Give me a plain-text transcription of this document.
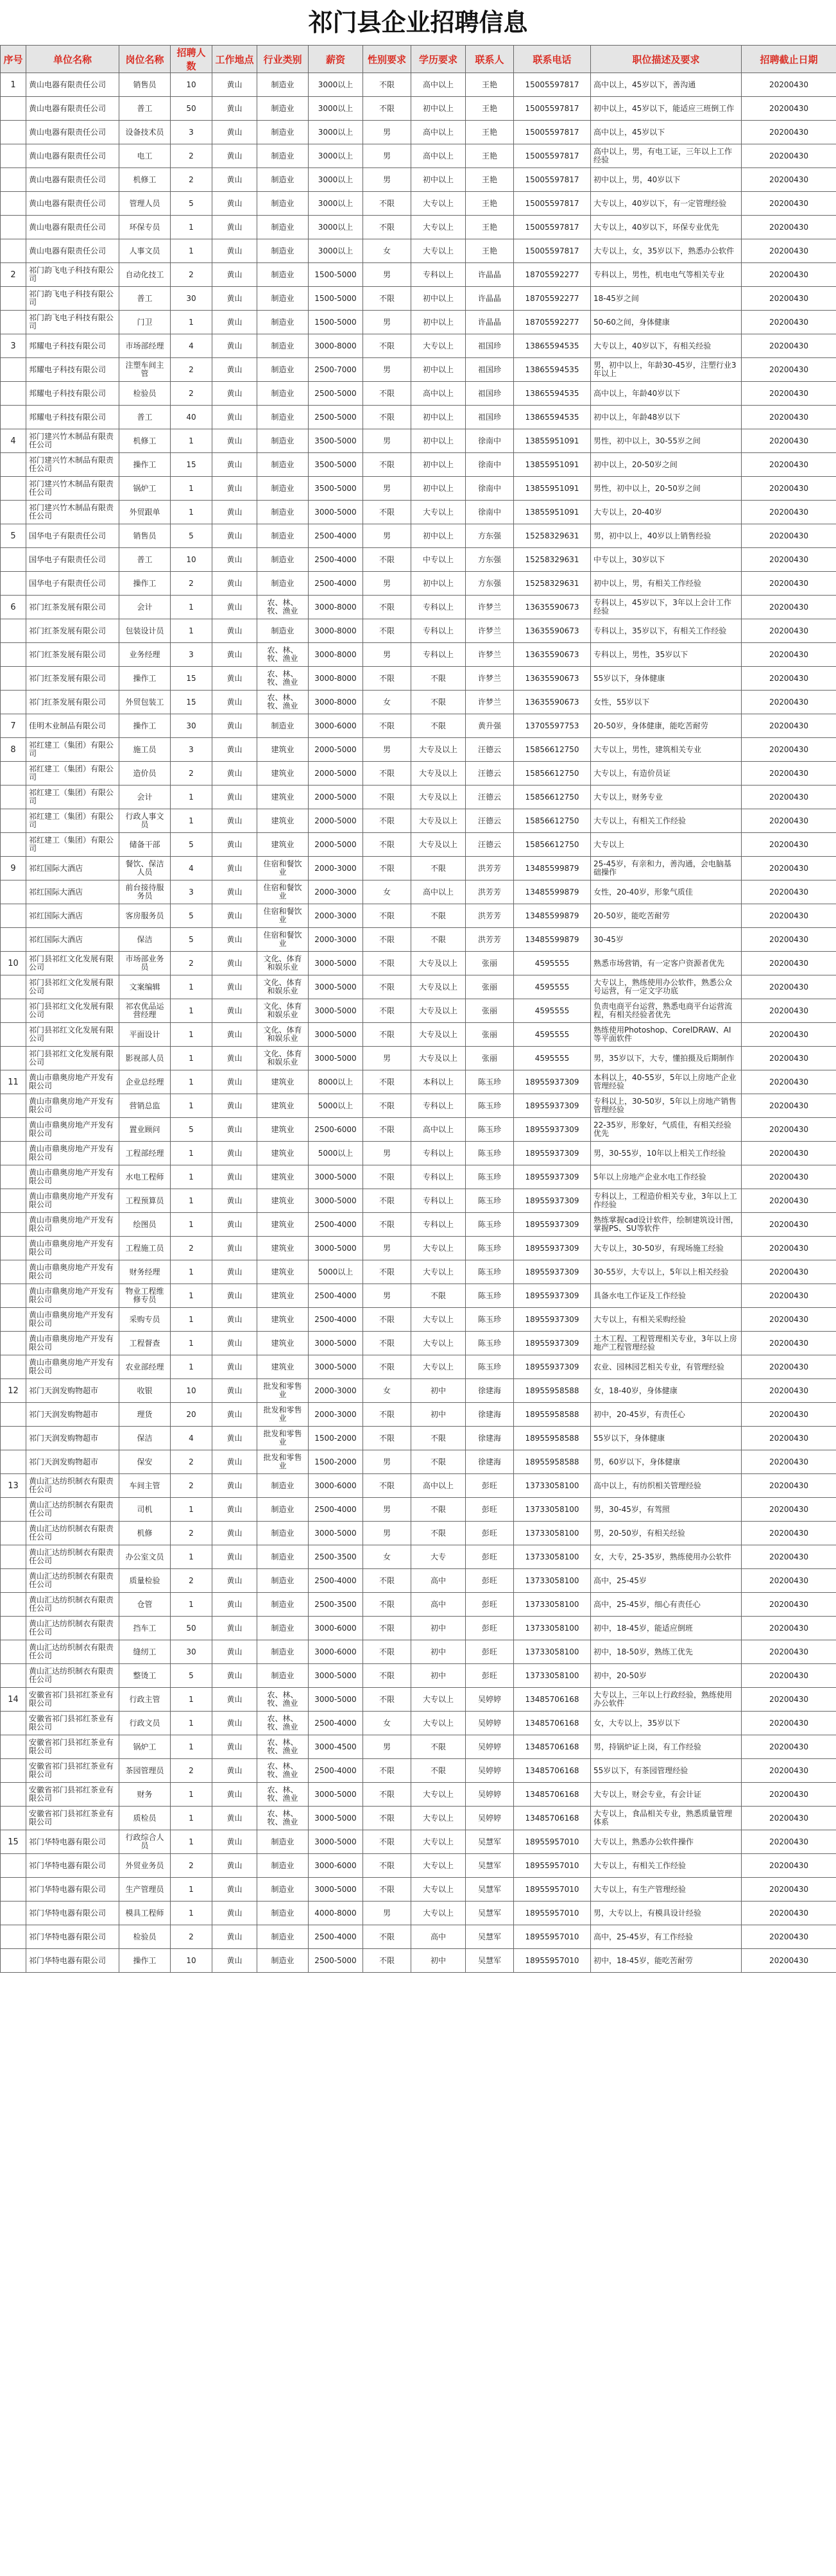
祁门县企业招聘信息
序号	单位名称	岗位名称	招聘人数	工作地点	行业类别	薪资	性别要求	学历要求	联系人	联系电话	职位描述及要求	招聘截止日期
1	黄山电器有限责任公司	销售员	10	黄山	制造业	3000以上	不限	高中以上	王艳	15005597817	高中以上，45岁以下，善沟通	20200430
	黄山电器有限责任公司	普工	50	黄山	制造业	3000以上	不限	初中以上	王艳	15005597817	初中以上，45岁以下，能适应三班倒工作	20200430
	黄山电器有限责任公司	设备技术员	3	黄山	制造业	3000以上	男	高中以上	王艳	15005597817	高中以上，45岁以下	20200430
	黄山电器有限责任公司	电工	2	黄山	制造业	3000以上	男	高中以上	王艳	15005597817	高中以上，男，有电工证，三年以上工作经验	20200430
	黄山电器有限责任公司	机修工	2	黄山	制造业	3000以上	男	初中以上	王艳	15005597817	初中以上，男，40岁以下	20200430
	黄山电器有限责任公司	管理人员	5	黄山	制造业	3000以上	不限	大专以上	王艳	15005597817	大专以上，40岁以下，有一定管理经验	20200430
	黄山电器有限责任公司	环保专员	1	黄山	制造业	3000以上	不限	大专以上	王艳	15005597817	大专以上，40岁以下，环保专业优先	20200430
	黄山电器有限责任公司	人事文员	1	黄山	制造业	3000以上	女	大专以上	王艳	15005597817	大专以上，女，35岁以下，熟悉办公软件	20200430
2	祁门韵飞电子科技有限公司	自动化技工	2	黄山	制造业	1500-5000	男	专科以上	许晶晶	18705592277	专科以上，男性，机电电气等相关专业	20200430
	祁门韵飞电子科技有限公司	普工	30	黄山	制造业	1500-5000	不限	初中以上	许晶晶	18705592277	18-45岁之间	20200430
	祁门韵飞电子科技有限公司	门卫	1	黄山	制造业	1500-5000	男	初中以上	许晶晶	18705592277	50-60之间，身体健康	20200430
3	邦耀电子科技有限公司	市场部经理	4	黄山	制造业	3000-8000	不限	大专以上	祖国珍	13865594535	大专以上，40岁以下，有相关经验	20200430
	邦耀电子科技有限公司	注塑车间主管	2	黄山	制造业	2500-7000	男	初中以上	祖国珍	13865594535	男，初中以上，年龄30-45岁，注塑行业3年以上	20200430
	邦耀电子科技有限公司	检验员	2	黄山	制造业	2500-5000	不限	高中以上	祖国珍	13865594535	高中以上，年龄40岁以下	20200430
	邦耀电子科技有限公司	普工	40	黄山	制造业	2500-5000	不限	初中以上	祖国珍	13865594535	初中以上，年龄48岁以下	20200430
4	祁门建兴竹木制品有限责任公司	机修工	1	黄山	制造业	3500-5000	男	初中以上	徐南中	13855951091	男性，初中以上，30-55岁之间	20200430
	祁门建兴竹木制品有限责任公司	操作工	15	黄山	制造业	3500-5000	不限	初中以上	徐南中	13855951091	初中以上，20-50岁之间	20200430
	祁门建兴竹木制品有限责任公司	锅炉工	1	黄山	制造业	3500-5000	男	初中以上	徐南中	13855951091	男性，初中以上，20-50岁之间	20200430
	祁门建兴竹木制品有限责任公司	外贸跟单	1	黄山	制造业	3000-5000	不限	大专以上	徐南中	13855951091	大专以上，20-40岁	20200430
5	国华电子有限责任公司	销售员	5	黄山	制造业	2500-4000	男	初中以上	方东强	15258329631	男，初中以上，40岁以上销售经验	20200430
	国华电子有限责任公司	普工	10	黄山	制造业	2500-4000	不限	中专以上	方东强	15258329631	中专以上，30岁以下	20200430
	国华电子有限责任公司	操作工	2	黄山	制造业	2500-4000	男	初中以上	方东强	15258329631	初中以上，男，有相关工作经验	20200430
6	祁门红茶发展有限公司	会计	1	黄山	农、林、牧、渔业	3000-8000	不限	专科以上	许梦兰	13635590673	专科以上，45岁以下，3年以上会计工作经验	20200430
	祁门红茶发展有限公司	包装设计员	1	黄山	制造业	3000-8000	不限	专科以上	许梦兰	13635590673	专科以上，35岁以下，有相关工作经验	20200430
	祁门红茶发展有限公司	业务经理	3	黄山	农、林、牧、渔业	3000-8000	男	专科以上	许梦兰	13635590673	专科以上，男性，35岁以下	20200430
	祁门红茶发展有限公司	操作工	15	黄山	农、林、牧、渔业	3000-8000	不限	不限	许梦兰	13635590673	55岁以下，身体健康	20200430
	祁门红茶发展有限公司	外贸包装工	15	黄山	农、林、牧、渔业	3000-8000	女	不限	许梦兰	13635590673	女性，55岁以下	20200430
7	佳明木业制品有限公司	操作工	30	黄山	制造业	3000-6000	不限	不限	黄升强	13705597753	20-50岁，身体健康，能吃苦耐劳	20200430
8	祁红建工（集团）有限公司	施工员	3	黄山	建筑业	2000-5000	男	大专及以上	汪德云	15856612750	大专以上，男性，建筑相关专业	20200430
	祁红建工（集团）有限公司	造价员	2	黄山	建筑业	2000-5000	不限	大专及以上	汪德云	15856612750	大专以上，有造价员证	20200430
	祁红建工（集团）有限公司	会计	1	黄山	建筑业	2000-5000	不限	大专及以上	汪德云	15856612750	大专以上，财务专业	20200430
	祁红建工（集团）有限公司	行政人事文员	1	黄山	建筑业	2000-5000	不限	大专及以上	汪德云	15856612750	大专以上，有相关工作经验	20200430
	祁红建工（集团）有限公司	储备干部	5	黄山	建筑业	2000-5000	不限	大专及以上	汪德云	15856612750	大专以上	20200430
9	祁红国际大酒店	餐饮、保洁人员	4	黄山	住宿和餐饮业	2000-3000	不限	不限	洪芳芳	13485599879	25-45岁，有亲和力，善沟通，会电脑基础操作	20200430
	祁红国际大酒店	前台接待服务员	3	黄山	住宿和餐饮业	2000-3000	女	高中以上	洪芳芳	13485599879	女性，20-40岁，形象气质佳	20200430
	祁红国际大酒店	客房服务员	5	黄山	住宿和餐饮业	2000-3000	不限	不限	洪芳芳	13485599879	20-50岁，能吃苦耐劳	20200430
	祁红国际大酒店	保洁	5	黄山	住宿和餐饮业	2000-3000	不限	不限	洪芳芳	13485599879	30-45岁	20200430
10	祁门县祁红文化发展有限公司	市场部业务员	2	黄山	文化、体育和娱乐业	3000-5000	不限	大专及以上	张丽	4595555	熟悉市场营销，有一定客户资源者优先	20200430
	祁门县祁红文化发展有限公司	文案编辑	1	黄山	文化、体育和娱乐业	3000-5000	不限	大专及以上	张丽	4595555	大专以上，熟练使用办公软件，熟悉公众号运营，有一定文字功底	20200430
	祁门县祁红文化发展有限公司	祁农优品运营经理	1	黄山	文化、体育和娱乐业	3000-5000	不限	大专及以上	张丽	4595555	负责电商平台运营，熟悉电商平台运营流程，有相关经验者优先	20200430
	祁门县祁红文化发展有限公司	平面设计	1	黄山	文化、体育和娱乐业	3000-5000	不限	大专及以上	张丽	4595555	熟练使用Photoshop、CorelDRAW、AI等平面软件	20200430
	祁门县祁红文化发展有限公司	影视部人员	1	黄山	文化、体育和娱乐业	3000-5000	男	大专及以上	张丽	4595555	男，35岁以下，大专，懂拍摄及后期制作	20200430
11	黄山市鼎奥房地产开发有限公司	企业总经理	1	黄山	建筑业	8000以上	不限	本科以上	陈玉珍	18955937309	本科以上，40-55岁，5年以上房地产企业管理经验	20200430
	黄山市鼎奥房地产开发有限公司	营销总监	1	黄山	建筑业	5000以上	不限	专科以上	陈玉珍	18955937309	专科以上，30-50岁，5年以上房地产销售管理经验	20200430
	黄山市鼎奥房地产开发有限公司	置业顾问	5	黄山	建筑业	2500-6000	不限	高中以上	陈玉珍	18955937309	22-35岁，形象好，气质佳，有相关经验优先	20200430
	黄山市鼎奥房地产开发有限公司	工程部经理	1	黄山	建筑业	5000以上	男	专科以上	陈玉珍	18955937309	男，30-55岁，10年以上相关工作经验	20200430
	黄山市鼎奥房地产开发有限公司	水电工程师	1	黄山	建筑业	3000-5000	不限	专科以上	陈玉珍	18955937309	5年以上房地产企业水电工作经验	20200430
	黄山市鼎奥房地产开发有限公司	工程预算员	1	黄山	建筑业	3000-5000	不限	专科以上	陈玉珍	18955937309	专科以上，工程造价相关专业，3年以上工作经验	20200430
	黄山市鼎奥房地产开发有限公司	绘图员	1	黄山	建筑业	2500-4000	不限	专科以上	陈玉珍	18955937309	熟练掌握cad设计软件，绘制建筑设计图，掌握PS、SU等软件	20200430
	黄山市鼎奥房地产开发有限公司	工程施工员	2	黄山	建筑业	3000-5000	男	大专以上	陈玉珍	18955937309	大专以上，30-50岁，有现场施工经验	20200430
	黄山市鼎奥房地产开发有限公司	财务经理	1	黄山	建筑业	5000以上	不限	大专以上	陈玉珍	18955937309	30-55岁，大专以上，5年以上相关经验	20200430
	黄山市鼎奥房地产开发有限公司	物业工程维修专员	1	黄山	建筑业	2500-4000	男	不限	陈玉珍	18955937309	具备水电工作证及工作经验	20200430
	黄山市鼎奥房地产开发有限公司	采购专员	1	黄山	建筑业	2500-4000	不限	大专以上	陈玉珍	18955937309	大专以上，有相关采购经验	20200430
	黄山市鼎奥房地产开发有限公司	工程督查	1	黄山	建筑业	3000-5000	不限	大专以上	陈玉珍	18955937309	土木工程、工程管理相关专业，3年以上房地产工程管理经验	20200430
	黄山市鼎奥房地产开发有限公司	农业部经理	1	黄山	建筑业	3000-5000	不限	大专以上	陈玉珍	18955937309	农业、园林园艺相关专业，有管理经验	20200430
12	祁门天润发购物超市	收银	10	黄山	批发和零售业	2000-3000	女	初中	徐建海	18955958588	女，18-40岁，身体健康	20200430
	祁门天润发购物超市	理货	20	黄山	批发和零售业	2000-3000	不限	初中	徐建海	18955958588	初中，20-45岁，有责任心	20200430
	祁门天润发购物超市	保洁	4	黄山	批发和零售业	1500-2000	不限	不限	徐建海	18955958588	55岁以下，身体健康	20200430
	祁门天润发购物超市	保安	2	黄山	批发和零售业	1500-2000	男	不限	徐建海	18955958588	男，60岁以下，身体健康	20200430
13	黄山汇达纺织制衣有限责任公司	车间主管	2	黄山	制造业	3000-6000	不限	高中以上	彭旺	13733058100	高中以上，有纺织相关管理经验	20200430
	黄山汇达纺织制衣有限责任公司	司机	1	黄山	制造业	2500-4000	男	不限	彭旺	13733058100	男，30-45岁，有驾照	20200430
	黄山汇达纺织制衣有限责任公司	机修	2	黄山	制造业	3000-5000	男	不限	彭旺	13733058100	男，20-50岁，有相关经验	20200430
	黄山汇达纺织制衣有限责任公司	办公室文员	1	黄山	制造业	2500-3500	女	大专	彭旺	13733058100	女，大专，25-35岁，熟练使用办公软件	20200430
	黄山汇达纺织制衣有限责任公司	质量检验	2	黄山	制造业	2500-4000	不限	高中	彭旺	13733058100	高中，25-45岁	20200430
	黄山汇达纺织制衣有限责任公司	仓管	1	黄山	制造业	2500-3500	不限	高中	彭旺	13733058100	高中，25-45岁，细心有责任心	20200430
	黄山汇达纺织制衣有限责任公司	挡车工	50	黄山	制造业	3000-6000	不限	初中	彭旺	13733058100	初中，18-45岁，能适应倒班	20200430
	黄山汇达纺织制衣有限责任公司	缝纫工	30	黄山	制造业	3000-6000	不限	初中	彭旺	13733058100	初中，18-50岁，熟练工优先	20200430
	黄山汇达纺织制衣有限责任公司	整烫工	5	黄山	制造业	3000-5000	不限	初中	彭旺	13733058100	初中，20-50岁	20200430
14	安徽省祁门县祁红茶业有限公司	行政主管	1	黄山	农、林、牧、渔业	3000-5000	不限	大专以上	吴婷婷	13485706168	大专以上，三年以上行政经验，熟练使用办公软件	20200430
	安徽省祁门县祁红茶业有限公司	行政文员	1	黄山	农、林、牧、渔业	2500-4000	女	大专以上	吴婷婷	13485706168	女，大专以上，35岁以下	20200430
	安徽省祁门县祁红茶业有限公司	锅炉工	1	黄山	农、林、牧、渔业	3000-4500	男	不限	吴婷婷	13485706168	男，持锅炉证上岗，有工作经验	20200430
	安徽省祁门县祁红茶业有限公司	茶园管理员	2	黄山	农、林、牧、渔业	2500-4000	不限	不限	吴婷婷	13485706168	55岁以下，有茶园管理经验	20200430
	安徽省祁门县祁红茶业有限公司	财务	1	黄山	农、林、牧、渔业	3000-5000	不限	大专以上	吴婷婷	13485706168	大专以上，财会专业，有会计证	20200430
	安徽省祁门县祁红茶业有限公司	质检员	1	黄山	农、林、牧、渔业	3000-5000	不限	大专以上	吴婷婷	13485706168	大专以上，食品相关专业，熟悉质量管理体系	20200430
15	祁门华特电器有限公司	行政综合人员	1	黄山	制造业	3000-5000	不限	大专以上	吴慧军	18955957010	大专以上，熟悉办公软件操作	20200430
	祁门华特电器有限公司	外贸业务员	2	黄山	制造业	3000-6000	不限	大专以上	吴慧军	18955957010	大专以上，有相关工作经验	20200430
	祁门华特电器有限公司	生产管理员	1	黄山	制造业	3000-5000	不限	大专以上	吴慧军	18955957010	大专以上，有生产管理经验	20200430
	祁门华特电器有限公司	模具工程师	1	黄山	制造业	4000-8000	男	大专以上	吴慧军	18955957010	男，大专以上，有模具设计经验	20200430
	祁门华特电器有限公司	检验员	2	黄山	制造业	2500-4000	不限	高中	吴慧军	18955957010	高中，25-45岁，有工作经验	20200430
	祁门华特电器有限公司	操作工	10	黄山	制造业	2500-5000	不限	初中	吴慧军	18955957010	初中，18-45岁，能吃苦耐劳	20200430
